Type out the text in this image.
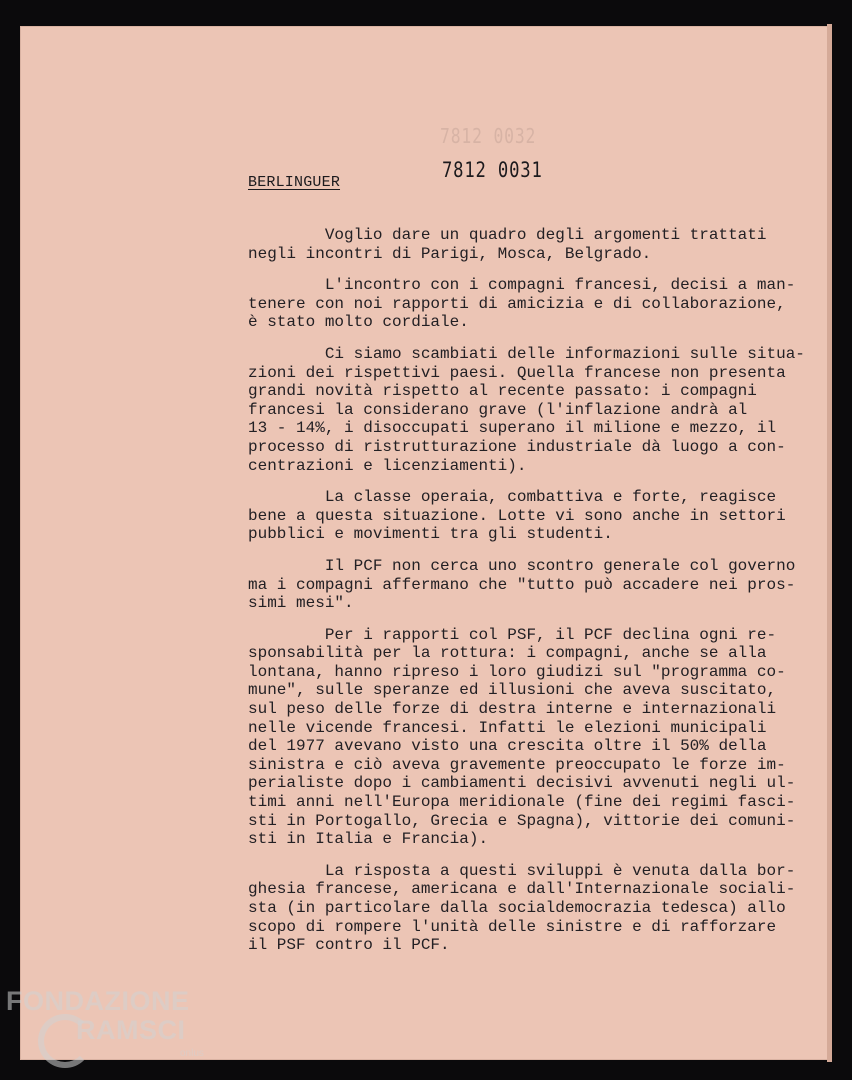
7812 0032
7812 0031
BERLINGUER

Voglio dare un quadro degli argomenti trattati
negli incontri di Parigi, Mosca, Belgrado.

L'incontro con i compagni francesi, decisi a man-
tenere con noi rapporti di amicizia e di collaborazione,
è stato molto cordiale.

Ci siamo scambiati delle informazioni sulle situa-
zioni dei rispettivi paesi. Quella francese non presenta
grandi novità rispetto al recente passato: i compagni
francesi la considerano grave (l'inflazione andrà al
13 - 14%, i disoccupati superano il milione e mezzo, il
processo di ristrutturazione industriale dà luogo a con-
centrazioni e licenziamenti).

La classe operaia, combattiva e forte, reagisce
bene a questa situazione. Lotte vi sono anche in settori
pubblici e movimenti tra gli studenti.

Il PCF non cerca uno scontro generale col governo
ma i compagni affermano che "tutto può accadere nei pros-
simi mesi".

Per i rapporti col PSF, il PCF declina ogni re-
sponsabilità per la rottura: i compagni, anche se alla
lontana, hanno ripreso i loro giudizi sul "programma co-
mune", sulle speranze ed illusioni che aveva suscitato,
sul peso delle forze di destra interne e internazionali
nelle vicende francesi. Infatti le elezioni municipali
del 1977 avevano visto una crescita oltre il 50% della
sinistra e ciò aveva gravemente preoccupato le forze im-
perialiste dopo i cambiamenti decisivi avvenuti negli ul-
timi anni nell'Europa meridionale (fine dei regimi fasci-
sti in Portogallo, Grecia e Spagna), vittorie dei comuni-
sti in Italia e Francia).

La risposta a questi sviluppi è venuta dalla bor-
ghesia francese, americana e dall'Internazionale sociali-
sta (in particolare dalla socialdemocrazia tedesca) allo
scopo di rompere l'unità delle sinistre e di rafforzare
il PSF contro il PCF.

FONDAZIONE
RAMSCI
onlus
